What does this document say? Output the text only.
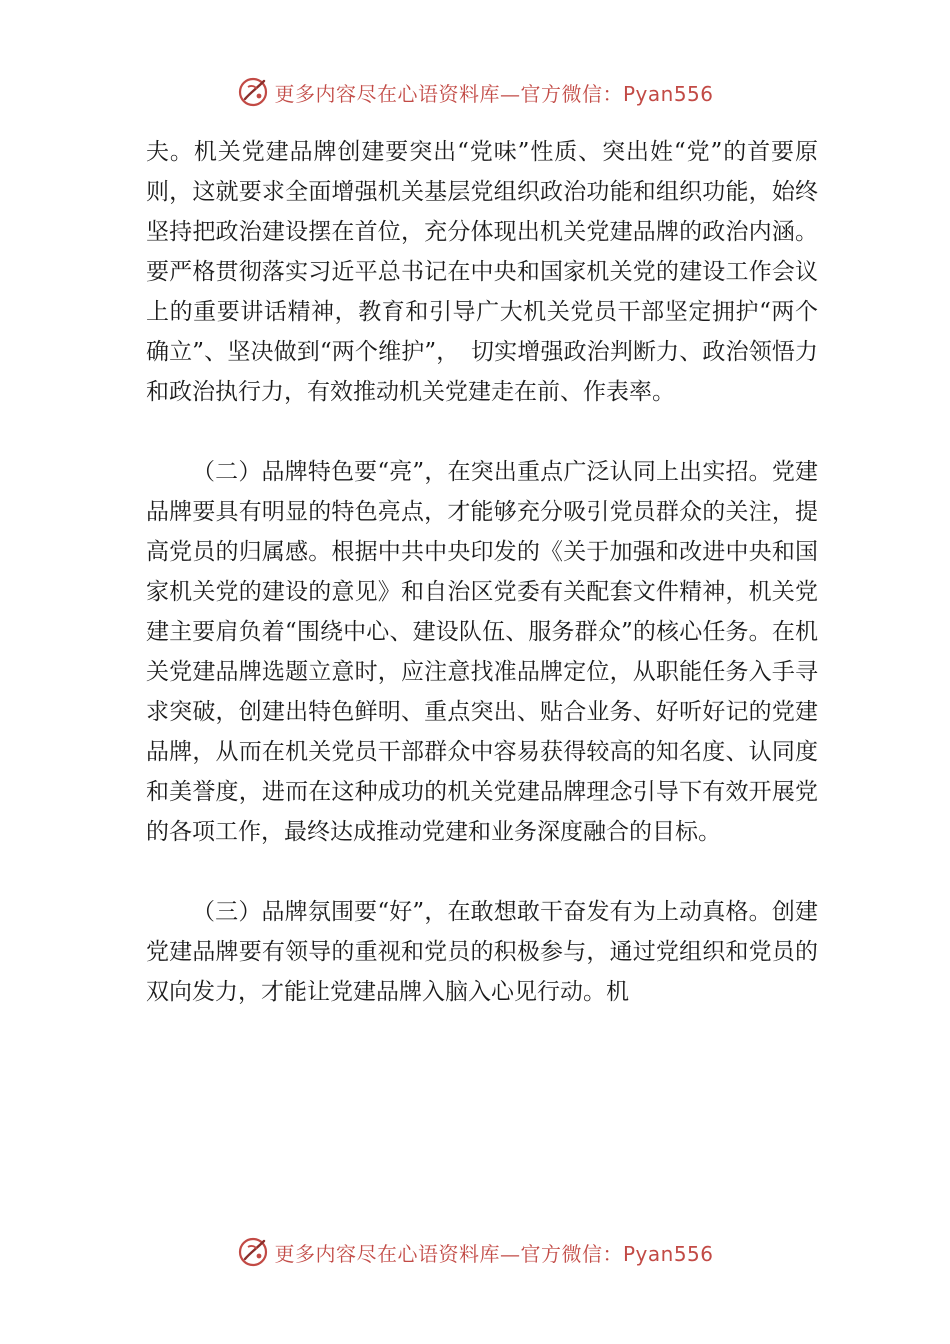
更多内容尽在心语资料库—官方微信：Pyan556

夫。机关党建品牌创建要突出“党味”性质、突出姓“党”的首要原则，这就要求全面增强机关基层党组织政治功能和组织功能，始终坚持把政治建设摆在首位，充分体现出机关党建品牌的政治内涵。要严格贯彻落实习近平总书记在中央和国家机关党的建设工作会议上的重要讲话精神，教育和引导广大机关党员干部坚定拥护“两个确立”、坚决做到“两个维护”，　切实增强政治判断力、政治领悟力和政治执行力，有效推动机关党建走在前、作表率。

（二）品牌特色要“亮”，在突出重点广泛认同上出实招。党建品牌要具有明显的特色亮点，才能够充分吸引党员群众的关注，提高党员的归属感。根据中共中央印发的《关于加强和改进中央和国家机关党的建设的意见》和自治区党委有关配套文件精神，机关党建主要肩负着“围绕中心、建设队伍、服务群众”的核心任务。在机关党建品牌选题立意时，应注意找准品牌定位，从职能任务入手寻求突破，创建出特色鲜明、重点突出、贴合业务、好听好记的党建品牌，从而在机关党员干部群众中容易获得较高的知名度、认同度和美誉度，进而在这种成功的机关党建品牌理念引导下有效开展党的各项工作，最终达成推动党建和业务深度融合的目标。

（三）品牌氛围要“好”，在敢想敢干奋发有为上动真格。创建党建品牌要有领导的重视和党员的积极参与，通过党组织和党员的双向发力，才能让党建品牌入脑入心见行动。机

更多内容尽在心语资料库—官方微信：Pyan556
